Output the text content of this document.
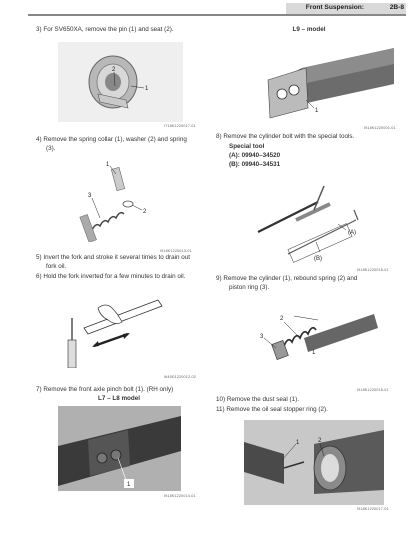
Front Suspension:	2B-8
3) For SV650XA, remove the pin (1) and seat (2).
1
2
I718K1220017-01
4) Remove the spring collar (1), washer (2) and spring
(3).
1
2
3
I918K1220013-01
5) Invert the fork and stroke it several times to drain out
fork oil.
6) Hold the fork inverted for a few minutes to drain oil.
I649D1220012-02
7) Remove the front axle pinch bolt (1). (RH only)
L7 – L8 model
1
I918K1220014-01
L9 – model
1
I918K1220001-01
8) Remove the cylinder bolt with the special tools.
Special tool
(A): 09940–34520
(B): 09940–34531
(A)
(B)
I918K1220016-01
9) Remove the cylinder (1), rebound spring (2) and
piston ring (3).
2
3
1
I918K1220016-01
10) Remove the dust seal (1).
11) Remove the oil seal stopper ring (2).
1	2
I918K1220017-01
